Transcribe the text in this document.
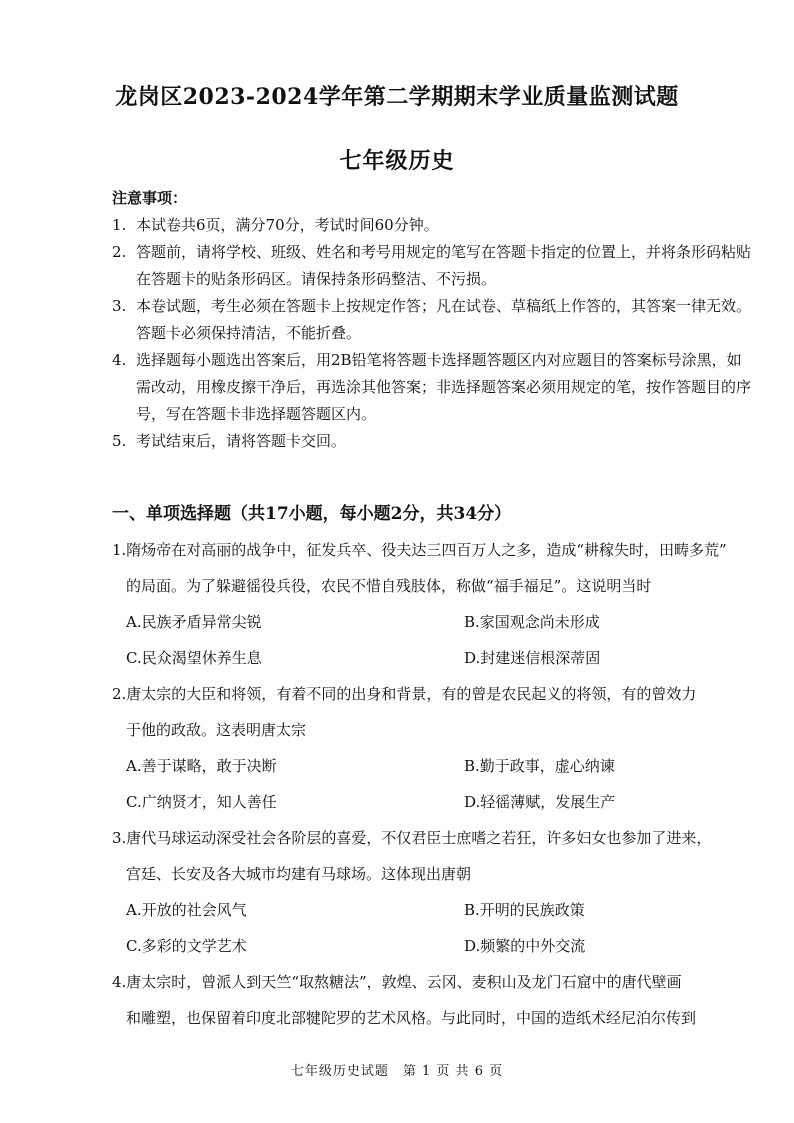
龙岗区2023-2024学年第二学期期末学业质量监测试题
七年级历史
注意事项：
1. 本试卷共6页，满分70分，考试时间60分钟。
2. 答题前，请将学校、班级、姓名和考号用规定的笔写在答题卡指定的位置上，并将条形码粘贴在答题卡的贴条形码区。请保持条形码整洁、不污损。
3. 本卷试题，考生必须在答题卡上按规定作答；凡在试卷、草稿纸上作答的，其答案一律无效。答题卡必须保持清洁，不能折叠。
4. 选择题每小题选出答案后，用2B铅笔将答题卡选择题答题区内对应题目的答案标号涂黑，如需改动，用橡皮擦干净后，再选涂其他答案；非选择题答案必须用规定的笔，按作答题目的序号，写在答题卡非选择题答题区内。
5. 考试结束后，请将答题卡交回。
一、单项选择题（共17小题，每小题2分，共34分）
1.隋炀帝在对高丽的战争中，征发兵卒、役夫达三四百万人之多，造成“耕稼失时，田畴多荒”
的局面。为了躲避徭役兵役，农民不惜自残肢体，称做“福手福足”。这说明当时
A.民族矛盾异常尖锐	B.家国观念尚未形成
C.民众渴望休养生息	D.封建迷信根深蒂固
2.唐太宗的大臣和将领，有着不同的出身和背景，有的曾是农民起义的将领，有的曾效力
于他的政敌。这表明唐太宗
A.善于谋略，敢于决断	B.勤于政事，虚心纳谏
C.广纳贤才，知人善任	D.轻徭薄赋，发展生产
3.唐代马球运动深受社会各阶层的喜爱，不仅君臣士庶嗜之若狂，许多妇女也参加了进来，
宫廷、长安及各大城市均建有马球场。这体现出唐朝
A.开放的社会风气	B.开明的民族政策
C.多彩的文学艺术	D.频繁的中外交流
4.唐太宗时，曾派人到天竺“取熬糖法”，敦煌、云冈、麦积山及龙门石窟中的唐代壁画
和雕塑，也保留着印度北部犍陀罗的艺术风格。与此同时，中国的造纸术经尼泊尔传到
七年级历史试题　第 1 页 共 6 页
